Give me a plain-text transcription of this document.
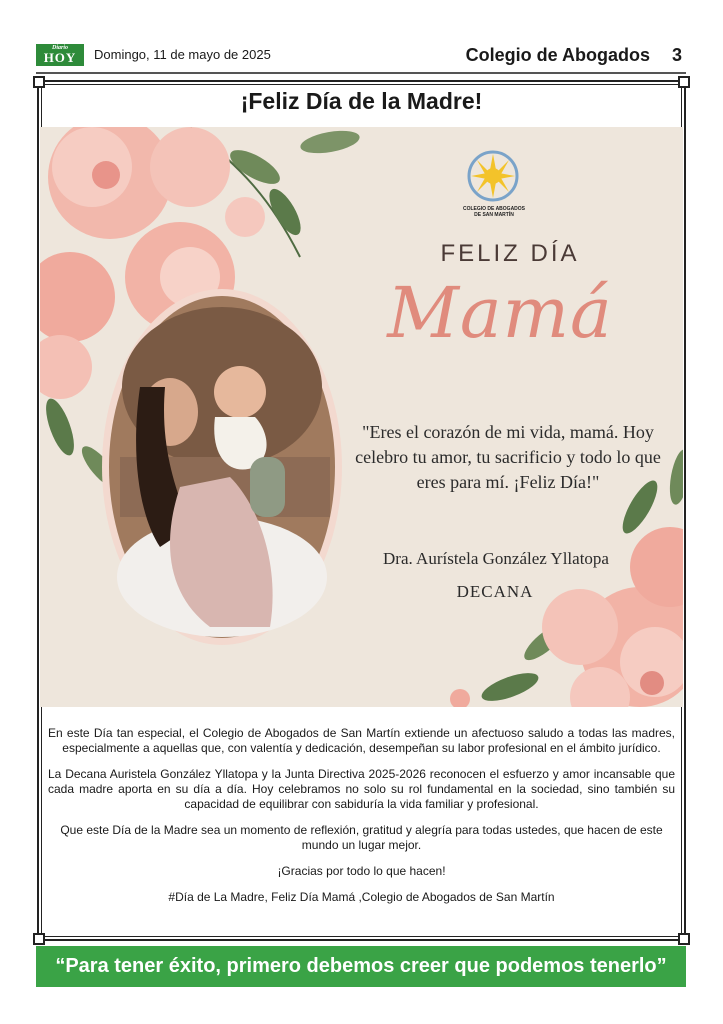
Diario
HOY	Domingo, 11 de mayo de 2025	Colegio de Abogados 3
¡Feliz Día de la Madre!
COLEGIO DE ABOGADOS
DE SAN MARTÍN
FELIZ DÍA
Mamá
"Eres el corazón de mi vida, mamá. Hoy celebro tu amor, tu sacrificio y todo lo que eres para mí. ¡Feliz Día!"
Dra. Aurístela González Yllatopa
DECANA

En este Día tan especial, el Colegio de Abogados de San Martín extiende un afectuoso saludo a todas las madres, especialmente a aquellas que, con valentía y dedicación, desempeñan su labor profesional en el ámbito jurídico.

La Decana Auristela González Yllatopa y la Junta Directiva 2025-2026 reconocen el esfuerzo y amor incansable que cada madre aporta en su día a día. Hoy celebramos no solo su rol fundamental en la sociedad, sino también su capacidad de equilibrar con sabiduría la vida familiar y profesional.

Que este Día de la Madre sea un momento de reflexión, gratitud y alegría para todas ustedes, que hacen de este mundo un lugar mejor.

¡Gracias por todo lo que hacen!

#Día de La Madre, Feliz Día Mamá ,Colegio de Abogados de San Martín

“Para tener éxito, primero debemos creer que podemos tenerlo”
